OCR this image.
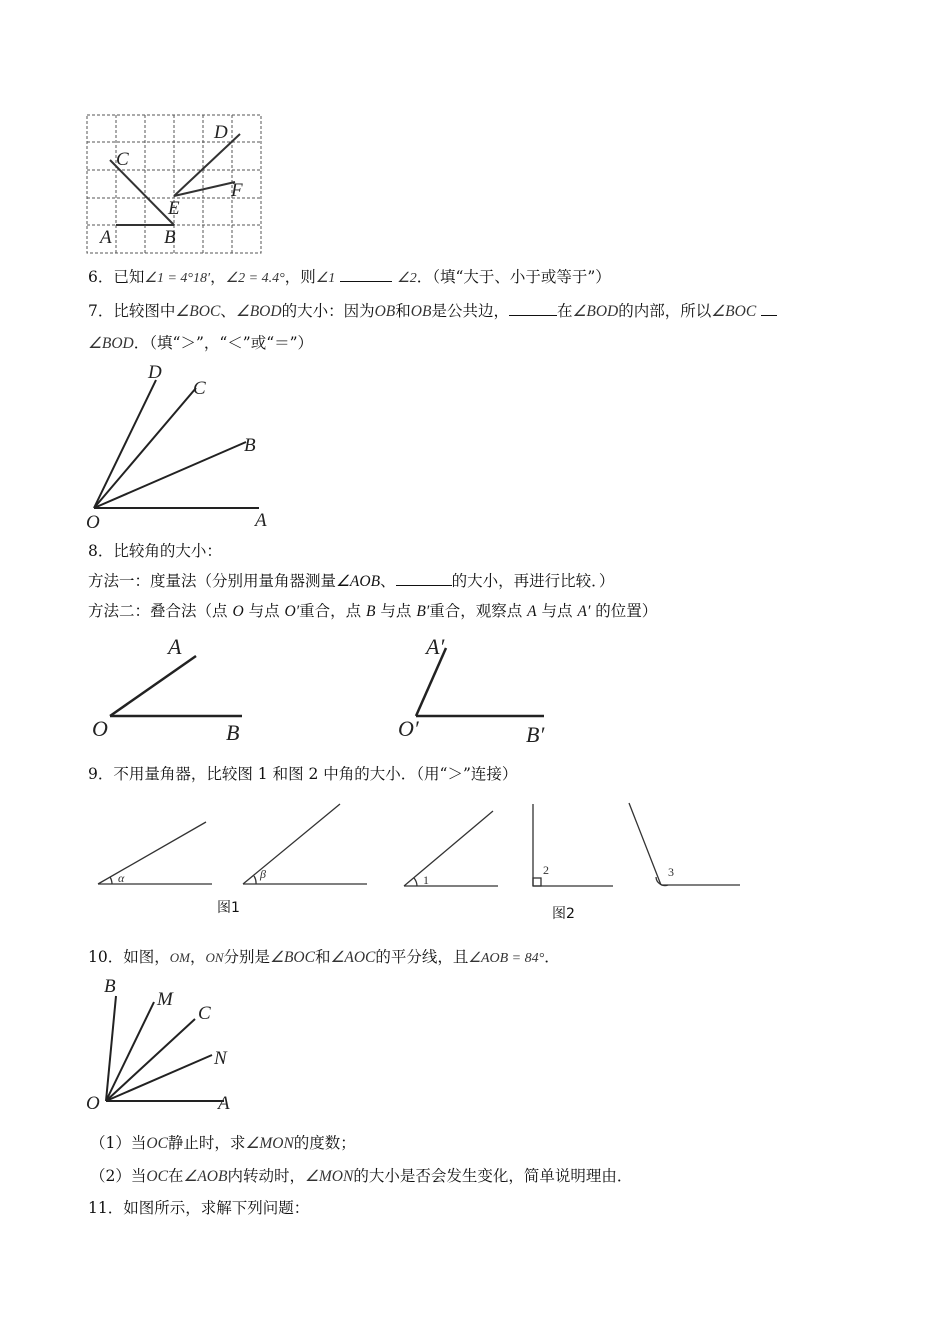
D
C
F
E
A	B
6．已知∠1 = 4°18′，∠2 = 4.4°，则∠1	∠2．（填“大于、小于或等于”）
7．比较图中∠BOC、∠BOD的大小：因为OB和OB是公共边，	在∠BOD的内部，所以∠BOC
∠BOD．（填“＞”，“＜”或“＝”）
D
C
B
O	A
8．比较角的大小：
方法一：度量法（分别用量角器测量∠AOB、	的大小，再进行比较．）
方法二：叠合法（点 O 与点 O′重合，点 B 与点 B′重合，观察点 A 与点 A′ 的位置）
A
O	B
A′
O′	B′
9．不用量角器，比较图 1 和图 2 中角的大小．（用“＞”连接）
α	β	1
2	3
图1	图2
10．如图，OM，ON分别是∠BOC和∠AOC的平分线，且∠AOB = 84°．
B
M
C
N
O	A
（1）当OC静止时，求∠MON的度数；
（2）当OC在∠AOB内转动时，∠MON的大小是否会发生变化，简单说明理由．
11．如图所示，求解下列问题：
